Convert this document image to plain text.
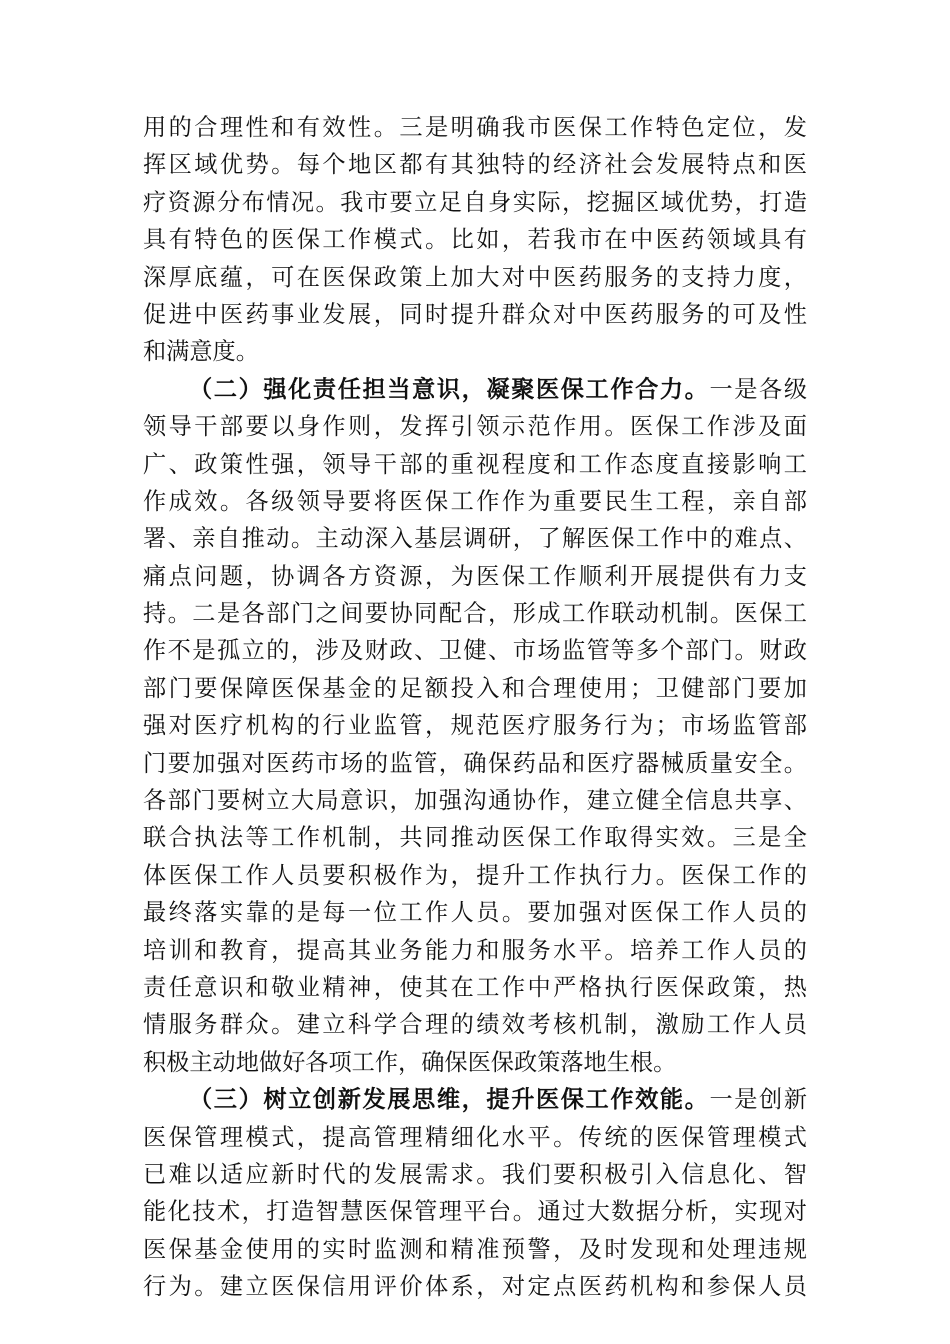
用的合理性和有效性。三是明确我市医保工作特色定位，发
挥区域优势。每个地区都有其独特的经济社会发展特点和医
疗资源分布情况。我市要立足自身实际，挖掘区域优势，打造
具有特色的医保工作模式。比如，若我市在中医药领域具有
深厚底蕴，可在医保政策上加大对中医药服务的支持力度，
促进中医药事业发展，同时提升群众对中医药服务的可及性
和满意度。
（二）强化责任担当意识，凝聚医保工作合力。一是各级
领导干部要以身作则，发挥引领示范作用。医保工作涉及面
广、政策性强，领导干部的重视程度和工作态度直接影响工
作成效。各级领导要将医保工作作为重要民生工程，亲自部
署、亲自推动。主动深入基层调研，了解医保工作中的难点、
痛点问题，协调各方资源，为医保工作顺利开展提供有力支
持。二是各部门之间要协同配合，形成工作联动机制。医保工
作不是孤立的，涉及财政、卫健、市场监管等多个部门。财政
部门要保障医保基金的足额投入和合理使用；卫健部门要加
强对医疗机构的行业监管，规范医疗服务行为；市场监管部
门要加强对医药市场的监管，确保药品和医疗器械质量安全。
各部门要树立大局意识，加强沟通协作，建立健全信息共享、
联合执法等工作机制，共同推动医保工作取得实效。三是全
体医保工作人员要积极作为，提升工作执行力。医保工作的
最终落实靠的是每一位工作人员。要加强对医保工作人员的
培训和教育，提高其业务能力和服务水平。培养工作人员的
责任意识和敬业精神，使其在工作中严格执行医保政策，热
情服务群众。建立科学合理的绩效考核机制，激励工作人员
积极主动地做好各项工作，确保医保政策落地生根。
（三）树立创新发展思维，提升医保工作效能。一是创新
医保管理模式，提高管理精细化水平。传统的医保管理模式
已难以适应新时代的发展需求。我们要积极引入信息化、智
能化技术，打造智慧医保管理平台。通过大数据分析，实现对
医保基金使用的实时监测和精准预警，及时发现和处理违规
行为。建立医保信用评价体系，对定点医药机构和参保人员
